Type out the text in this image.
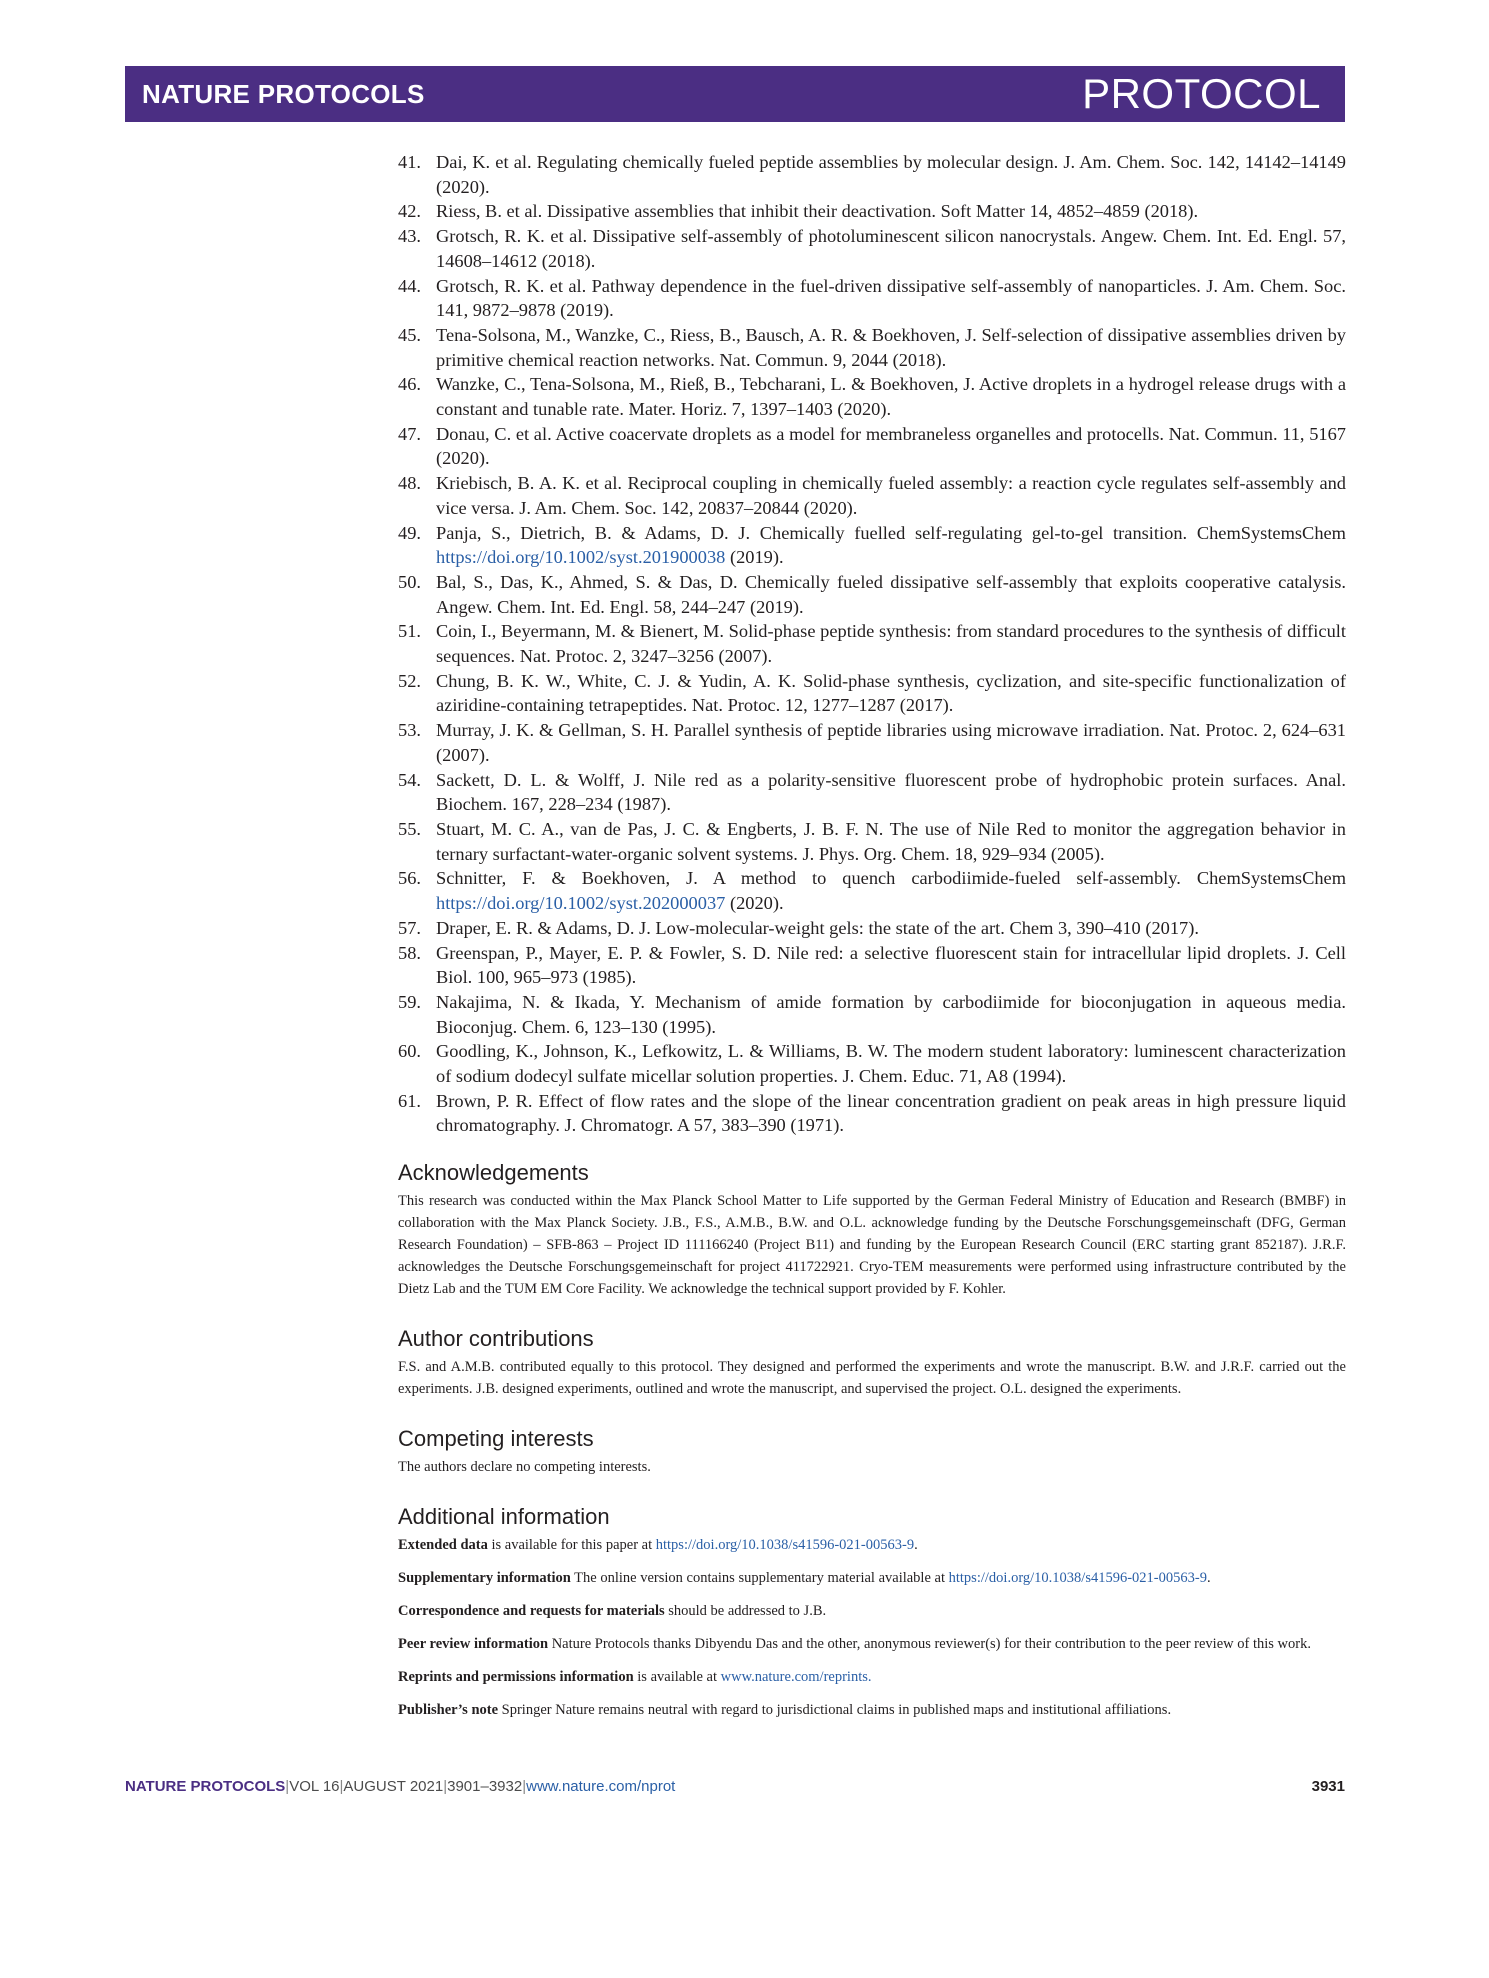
NATURE PROTOCOLS	PROTOCOL
41. Dai, K. et al. Regulating chemically fueled peptide assemblies by molecular design. J. Am. Chem. Soc. 142, 14142–14149 (2020).
42. Riess, B. et al. Dissipative assemblies that inhibit their deactivation. Soft Matter 14, 4852–4859 (2018).
43. Grotsch, R. K. et al. Dissipative self-assembly of photoluminescent silicon nanocrystals. Angew. Chem. Int. Ed. Engl. 57, 14608–14612 (2018).
44. Grotsch, R. K. et al. Pathway dependence in the fuel-driven dissipative self-assembly of nanoparticles. J. Am. Chem. Soc. 141, 9872–9878 (2019).
45. Tena-Solsona, M., Wanzke, C., Riess, B., Bausch, A. R. & Boekhoven, J. Self-selection of dissipative assemblies driven by primitive chemical reaction networks. Nat. Commun. 9, 2044 (2018).
46. Wanzke, C., Tena-Solsona, M., Rieß, B., Tebcharani, L. & Boekhoven, J. Active droplets in a hydrogel release drugs with a constant and tunable rate. Mater. Horiz. 7, 1397–1403 (2020).
47. Donau, C. et al. Active coacervate droplets as a model for membraneless organelles and protocells. Nat. Commun. 11, 5167 (2020).
48. Kriebisch, B. A. K. et al. Reciprocal coupling in chemically fueled assembly: a reaction cycle regulates self-assembly and vice versa. J. Am. Chem. Soc. 142, 20837–20844 (2020).
49. Panja, S., Dietrich, B. & Adams, D. J. Chemically fuelled self-regulating gel-to-gel transition. ChemSystemsChem https://doi.org/10.1002/syst.201900038 (2019).
50. Bal, S., Das, K., Ahmed, S. & Das, D. Chemically fueled dissipative self-assembly that exploits cooperative catalysis. Angew. Chem. Int. Ed. Engl. 58, 244–247 (2019).
51. Coin, I., Beyermann, M. & Bienert, M. Solid-phase peptide synthesis: from standard procedures to the synthesis of difficult sequences. Nat. Protoc. 2, 3247–3256 (2007).
52. Chung, B. K. W., White, C. J. & Yudin, A. K. Solid-phase synthesis, cyclization, and site-specific functionalization of aziridine-containing tetrapeptides. Nat. Protoc. 12, 1277–1287 (2017).
53. Murray, J. K. & Gellman, S. H. Parallel synthesis of peptide libraries using microwave irradiation. Nat. Protoc. 2, 624–631 (2007).
54. Sackett, D. L. & Wolff, J. Nile red as a polarity-sensitive fluorescent probe of hydrophobic protein surfaces. Anal. Biochem. 167, 228–234 (1987).
55. Stuart, M. C. A., van de Pas, J. C. & Engberts, J. B. F. N. The use of Nile Red to monitor the aggregation behavior in ternary surfactant-water-organic solvent systems. J. Phys. Org. Chem. 18, 929–934 (2005).
56. Schnitter, F. & Boekhoven, J. A method to quench carbodiimide-fueled self-assembly. ChemSystemsChem https://doi.org/10.1002/syst.202000037 (2020).
57. Draper, E. R. & Adams, D. J. Low-molecular-weight gels: the state of the art. Chem 3, 390–410 (2017).
58. Greenspan, P., Mayer, E. P. & Fowler, S. D. Nile red: a selective fluorescent stain for intracellular lipid droplets. J. Cell Biol. 100, 965–973 (1985).
59. Nakajima, N. & Ikada, Y. Mechanism of amide formation by carbodiimide for bioconjugation in aqueous media. Bioconjug. Chem. 6, 123–130 (1995).
60. Goodling, K., Johnson, K., Lefkowitz, L. & Williams, B. W. The modern student laboratory: luminescent characterization of sodium dodecyl sulfate micellar solution properties. J. Chem. Educ. 71, A8 (1994).
61. Brown, P. R. Effect of flow rates and the slope of the linear concentration gradient on peak areas in high pressure liquid chromatography. J. Chromatogr. A 57, 383–390 (1971).
Acknowledgements

This research was conducted within the Max Planck School Matter to Life supported by the German Federal Ministry of Education and Research (BMBF) in collaboration with the Max Planck Society. J.B., F.S., A.M.B., B.W. and O.L. acknowledge funding by the Deutsche Forschungsgemeinschaft (DFG, German Research Foundation) – SFB-863 – Project ID 111166240 (Project B11) and funding by the European Research Council (ERC starting grant 852187). J.R.F. acknowledges the Deutsche Forschungsgemeinschaft for project 411722921. Cryo-TEM measurements were performed using infrastructure contributed by the Dietz Lab and the TUM EM Core Facility. We acknowledge the technical support provided by F. Kohler.

Author contributions

F.S. and A.M.B. contributed equally to this protocol. They designed and performed the experiments and wrote the manuscript. B.W. and J.R.F. carried out the experiments. J.B. designed experiments, outlined and wrote the manuscript, and supervised the project. O.L. designed the experiments.

Competing interests

The authors declare no competing interests.

Additional information

Extended data is available for this paper at https://doi.org/10.1038/s41596-021-00563-9.

Supplementary information The online version contains supplementary material available at https://doi.org/10.1038/s41596-021-00563-9.

Correspondence and requests for materials should be addressed to J.B.

Peer review information Nature Protocols thanks Dibyendu Das and the other, anonymous reviewer(s) for their contribution to the peer review of this work.

Reprints and permissions information is available at www.nature.com/reprints.

Publisher’s note Springer Nature remains neutral with regard to jurisdictional claims in published maps and institutional affiliations.

NATURE PROTOCOLS|VOL 16|AUGUST 2021|3901–3932|www.nature.com/nprot	3931
